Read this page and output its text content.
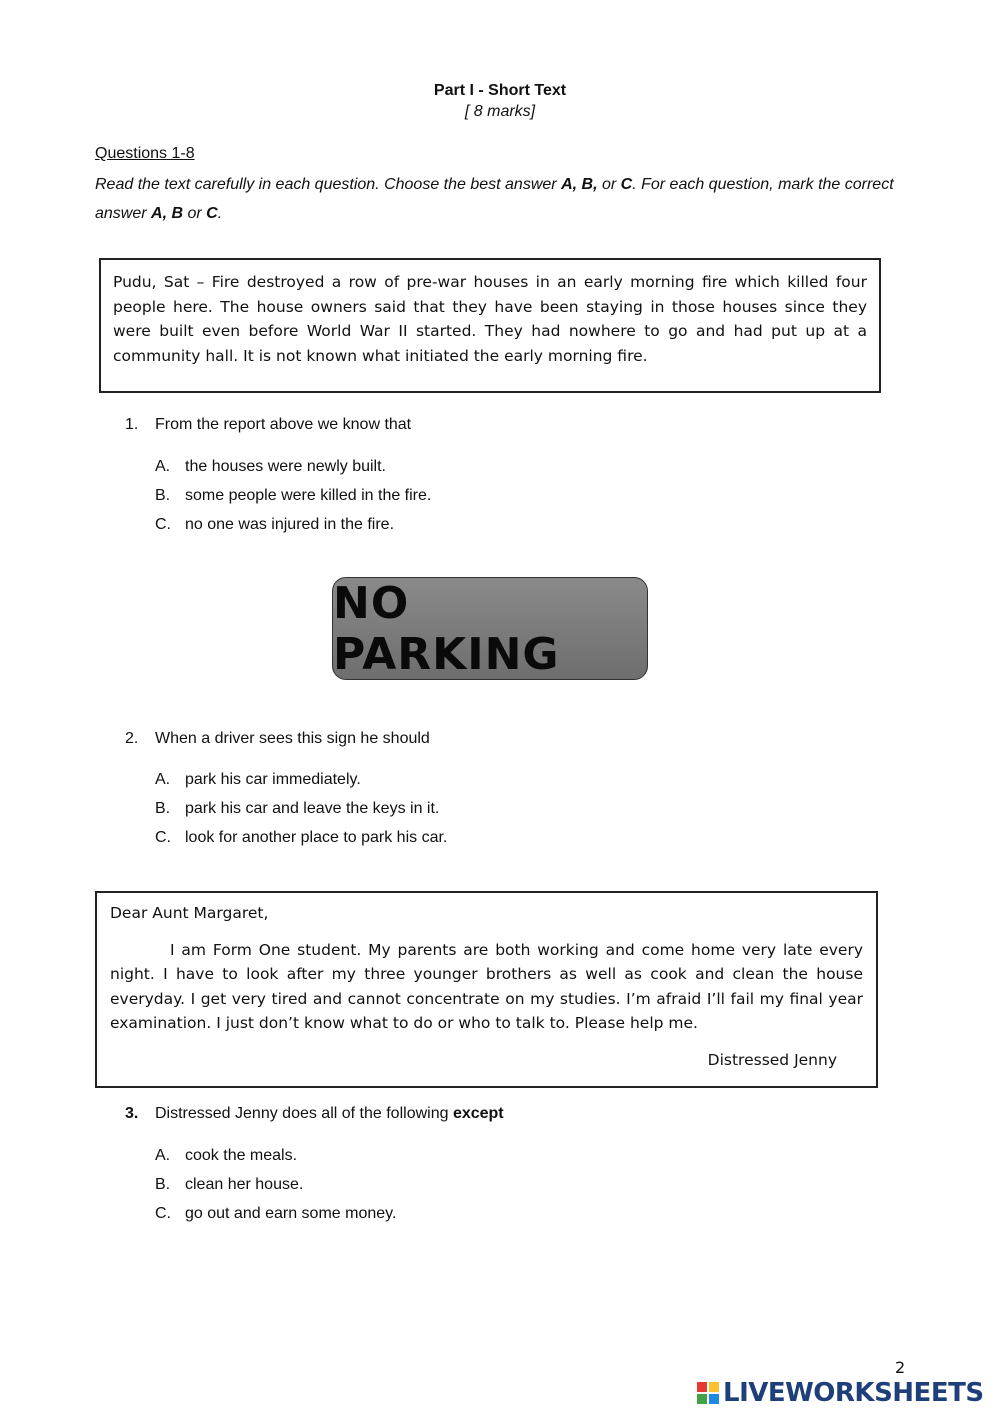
Part I - Short Text
[ 8 marks]
Questions 1-8
Read the text carefully in each question. Choose the best answer A, B, or C. For each question, mark the correct answer A, B or C.
Pudu, Sat – Fire destroyed a row of pre-war houses in an early morning fire which killed four people here. The house owners said that they have been staying in those houses since they were built even before World War II started. They had nowhere to go and had put up at a community hall. It is not known what initiated the early morning fire.
1. From the report above we know that
A. the houses were newly built.
B. some people were killed in the fire.
C. no one was injured in the fire.
NO PARKING
2. When a driver sees this sign he should
A. park his car immediately.
B. park his car and leave the keys in it.
C. look for another place to park his car.
Dear Aunt Margaret,
I am Form One student. My parents are both working and come home very late every night. I have to look after my three younger brothers as well as cook and clean the house everyday. I get very tired and cannot concentrate on my studies. I’m afraid I’ll fail my final year examination. I just don’t know what to do or who to talk to. Please help me.
Distressed Jenny
3. Distressed Jenny does all of the following except
A. cook the meals.
B. clean her house.
C. go out and earn some money.
2
LIVEWORKSHEETS
